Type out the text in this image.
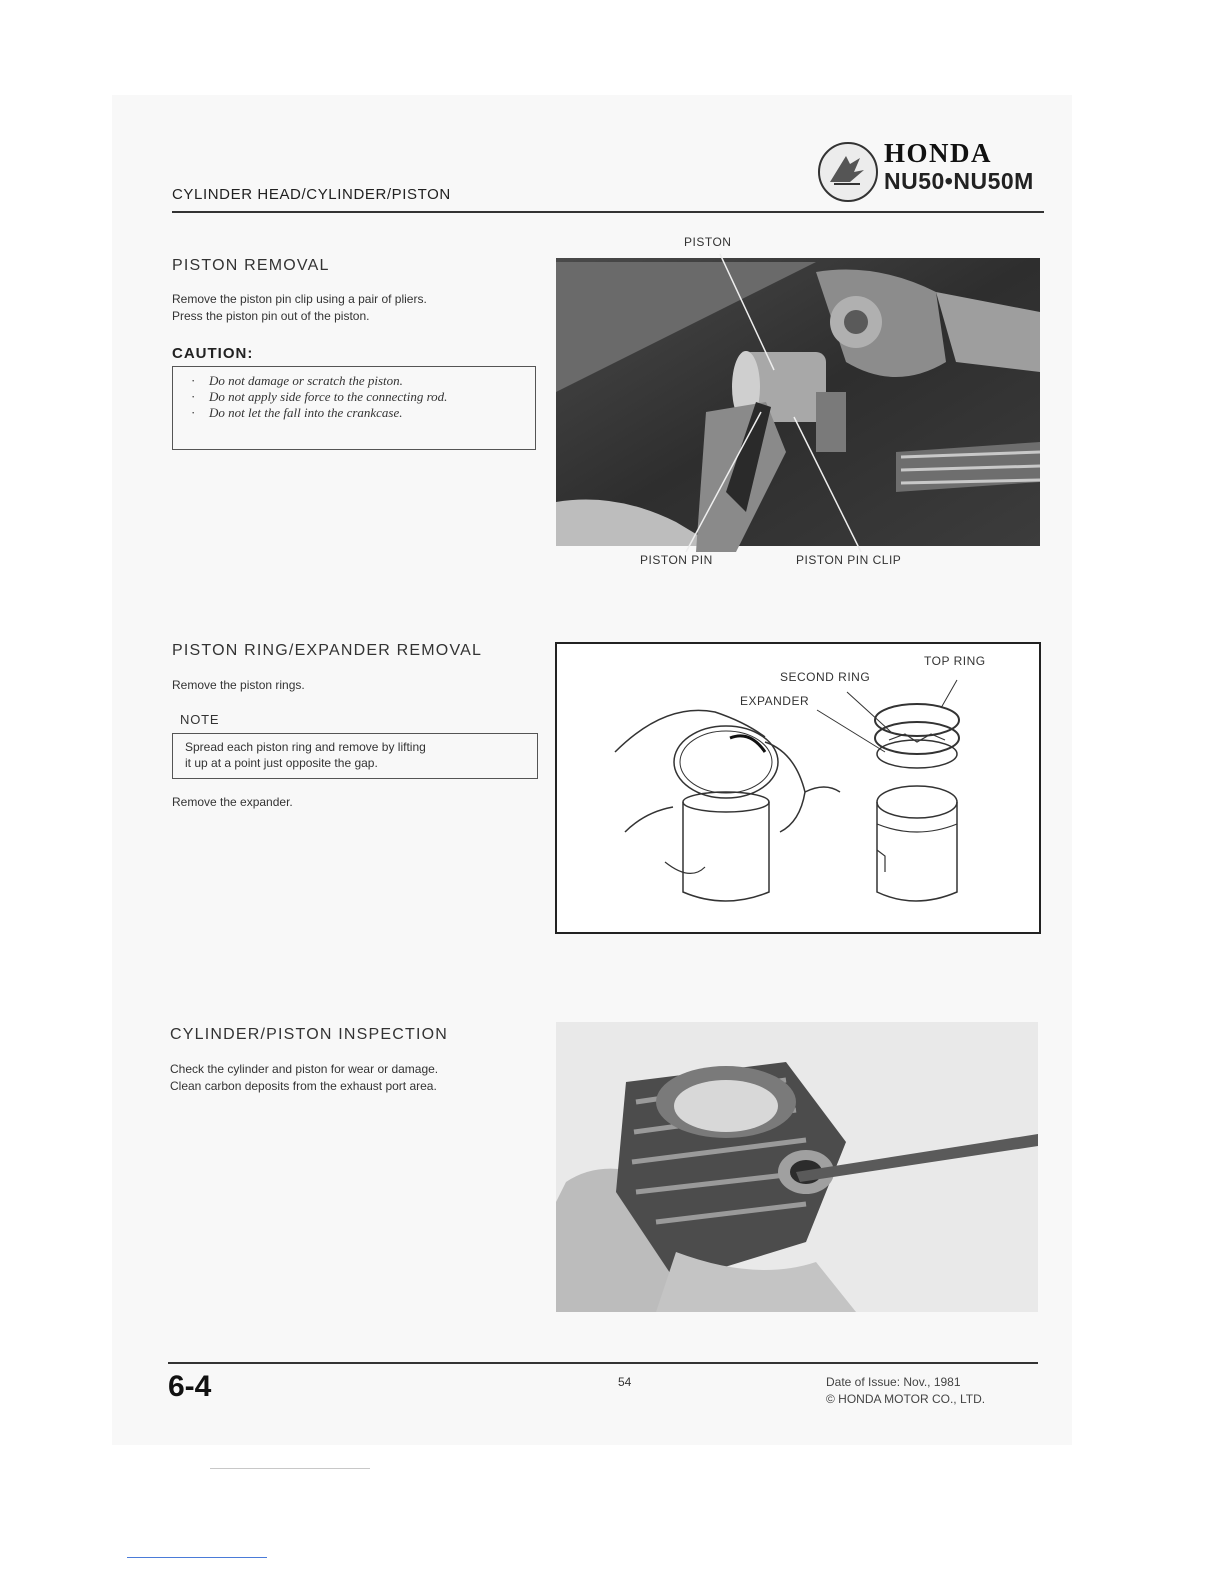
CYLINDER HEAD/CYLINDER/PISTON
HONDA
NU50•NU50M
PISTON REMOVAL
Remove the piston pin clip using a pair of pliers.
Press the piston pin out of the piston.
CAUTION:
· Do not damage or scratch the piston.
· Do not apply side force to the connecting rod.
· Do not let the fall into the crankcase.
PISTON
PISTON PIN	PISTON PIN CLIP
PISTON RING/EXPANDER REMOVAL
Remove the piston rings.
NOTE
Spread each piston ring and remove by lifting
it up at a point just opposite the gap.
Remove the expander.
TOP RING
SECOND RING
EXPANDER
CYLINDER/PISTON INSPECTION
Check the cylinder and piston for wear or damage.
Clean carbon deposits from the exhaust port area.
6-4	54	Date of Issue: Nov., 1981
© HONDA MOTOR CO., LTD.
